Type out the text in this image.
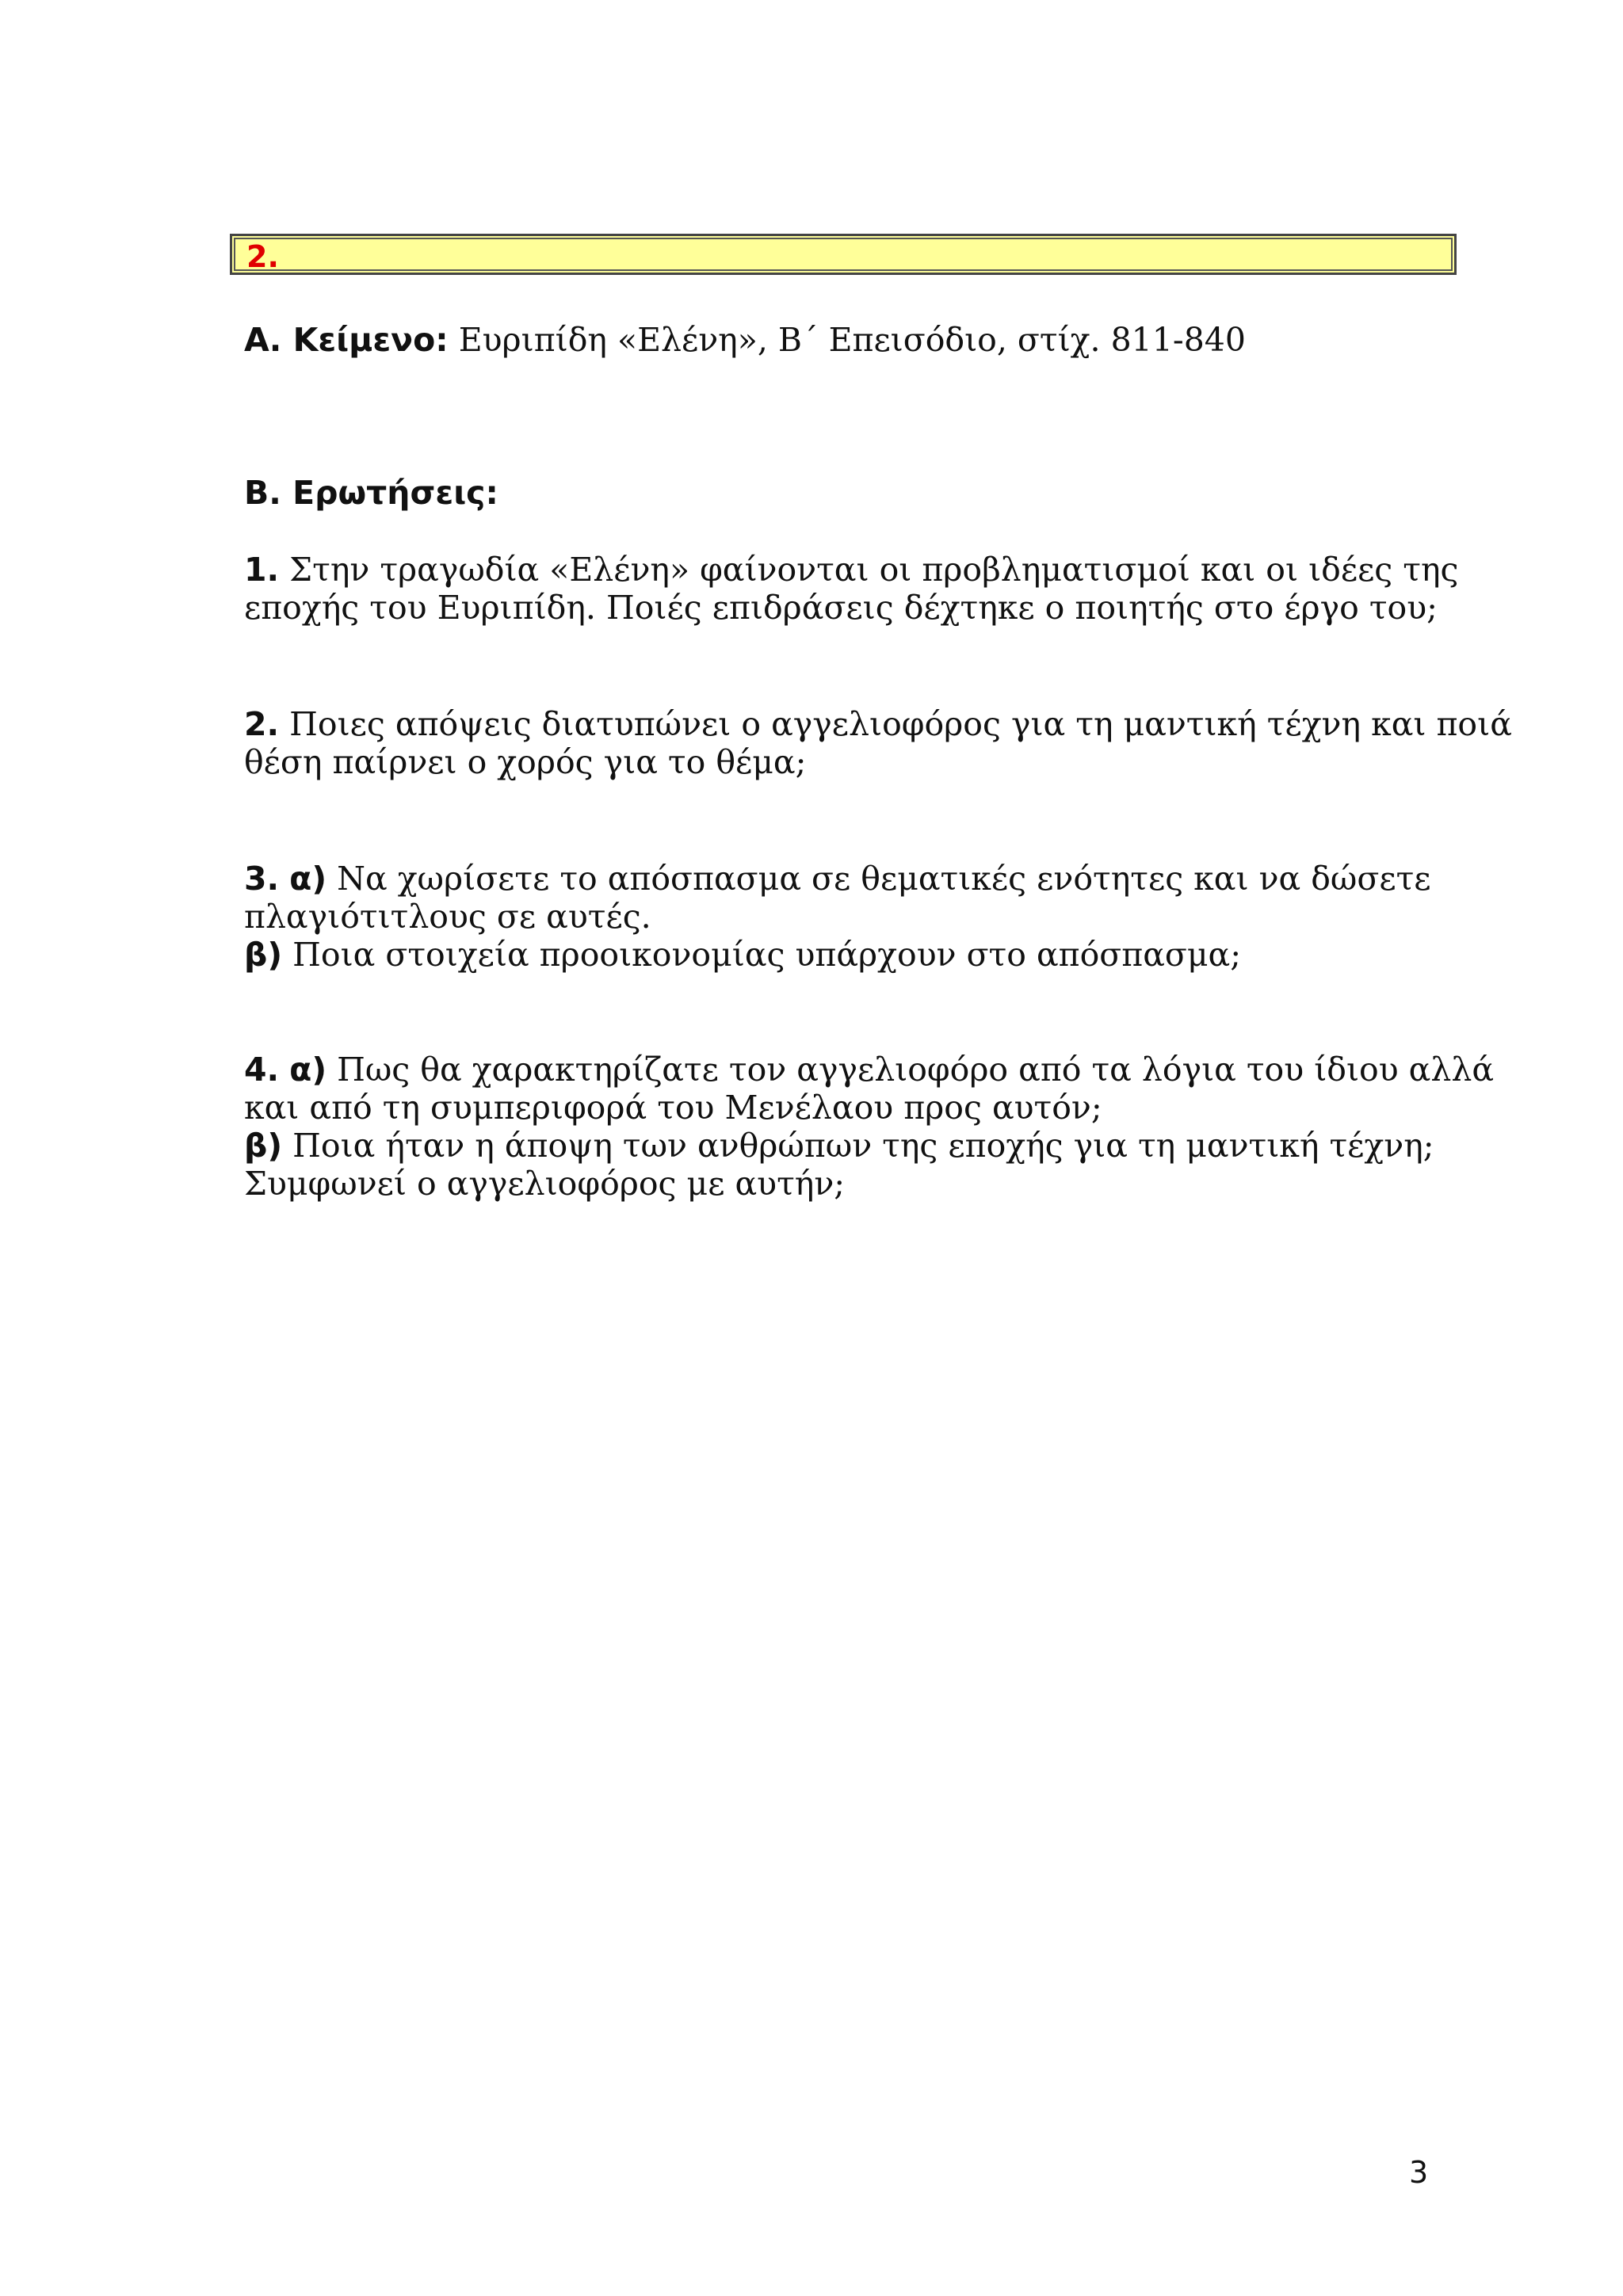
2.
Α. Κείμενο: Ευριπίδη «Ελένη», Β΄ Επεισόδιο, στίχ. 811-840
Β. Ερωτήσεις:
1. Στην τραγωδία «Ελένη» φαίνονται οι προβληματισμοί και οι ιδέες της
εποχής του Ευριπίδη. Ποιές επιδράσεις δέχτηκε ο ποιητής στο έργο του;
2. Ποιες απόψεις διατυπώνει ο αγγελιοφόρος για τη μαντική τέχνη και ποιά
θέση παίρνει ο χορός για το θέμα;
3. α) Να χωρίσετε το απόσπασμα σε θεματικές ενότητες και να δώσετε
πλαγιότιτλους σε αυτές.
β) Ποια στοιχεία προοικονομίας υπάρχουν στο απόσπασμα;
4. α) Πως θα χαρακτηρίζατε τον αγγελιοφόρο από τα λόγια του ίδιου αλλά
και από τη συμπεριφορά του Μενέλαου προς αυτόν;
β) Ποια ήταν η άποψη των ανθρώπων της εποχής για τη μαντική τέχνη;
Συμφωνεί ο αγγελιοφόρος με αυτήν;
3
